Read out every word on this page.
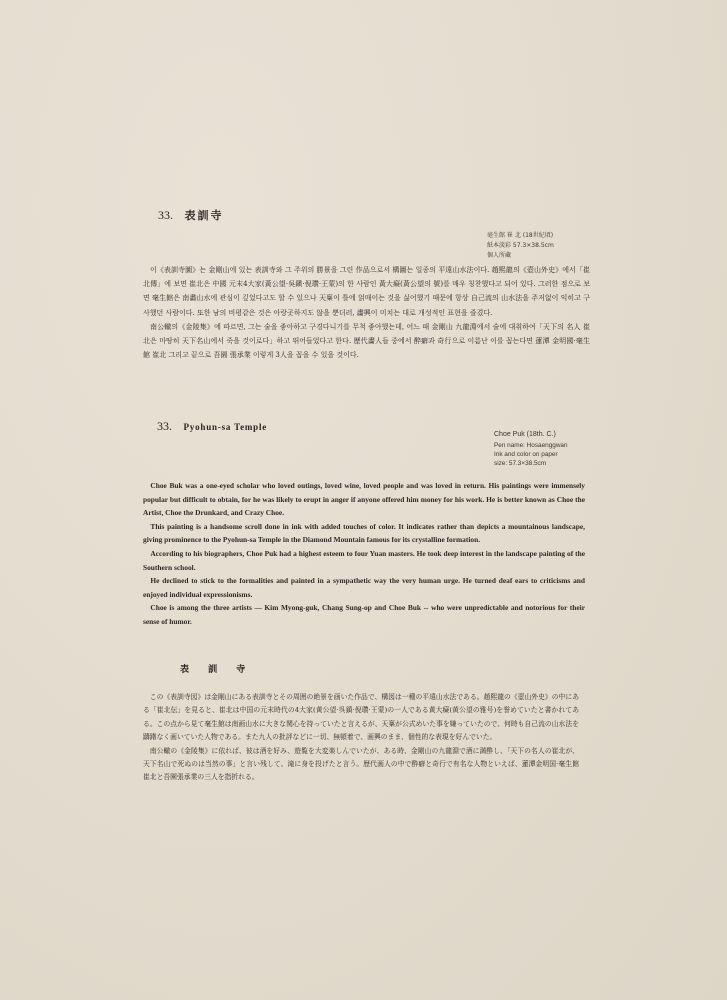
33. 表訓寺
毫生館 崔 北 (18世紀頃)
紙本淡彩 57.3×38.5cm
個人所藏

이《表訓寺圖》는 金剛山에 있는 表訓寺와 그 주위의 勝景을 그린 作品으로서 構圖는 일종의 平遠山水法이다. 趙熙龍의《壺山外史》에서「崔北傳」에 보면 崔北은 中國 元末4大家(黃公望·吳鎭·倪瓚·王蒙)의 한 사람인 黃大癡(黃公望의 號)를 매우 칭찬했다고 되어 있다. 그러한 점으로 보면 毫生館은 南畵山水에 관심이 깊었다고도 할 수 있으나 天稟이 틀에 얽매이는 것을 싫어했기 때문에 항상 自己流의 山水法을 주저없이 익히고 구사했던 사람이다. 또한 남의 비평같은 것은 아랑곳하지도 않을 뿐더러, 畵興이 미치는 대로 개성적인 표현을 즐겼다.

南公轍의《金陵集》에 따르면, 그는 술을 좋아하고 구경다니기를 무척 좋아했는데, 어느 때 金剛山 九龍淵에서 술에 대취하여「天下의 名人 崔北은 마땅히 天下名山에서 죽을 것이로다」하고 뛰어들었다고 한다. 歷代畵人들 중에서 醉癖과 奇行으로 이름난 이를 꼽는다면 蓮潭 金明國·毫生館 崔北 그리고 끝으로 吾園 張承業 이렇게 3人을 꼽을 수 있을 것이다.

33. Pyohun-sa Temple
Choe Puk (18th. C.)
Pen name: Hosaenggwan
Ink and color on paper
size: 57.3×38.5cm

Choe Buk was a one-eyed scholar who loved outings, loved wine, loved people and was loved in return. His paintings were immensely popular but difficult to obtain, for he was likely to erupt in anger if anyone offered him money for his work. He is better known as Choe the Artist, Choe the Drunkard, and Crazy Choe.

This painting is a handsome scroll done in ink with added touches of color. It indicates rather than depicts a mountainous landscape, giving prominence to the Pyohun-sa Temple in the Diamond Mountain famous for its crystalline formation.

According to his biographers, Choe Puk had a highest esteem to four Yuan masters. He took deep interest in the landscape painting of the Southern school.

He declined to stick to the formalities and painted in a sympathetic way the very human urge. He turned deaf ears to criticisms and enjoyed individual expressionisms.

Choe is among the three artists — Kim Myong-guk, Chang Sung-op and Choe Buk -- who were unpredictable and notorious for their sense of humor.

表 訓 寺

この《表訓寺図》は金剛山にある表訓寺とその周囲の絶景を画いた作品で、構図は一種の平遠山水法である。趙熙龍の《壺山外史》の中にある「崔北伝」を見ると、崔北は中国の元末時代の4大家(黄公望·呉鎮·倪瓚·王蒙)の一人である黄大癡(黄公望の雅号)を誉めていたと書かれてある。この点から見て毫生館は南画山水に大きな関心を持っていたと言えるが、天稟が公式めいた事を嫌っていたので、何時も自己流の山水法を躊躇なく画いていた人物である。また九人の批評などに一切、無頓着で、画興のまま、個性的な表現を好んでいた。

南公轍の《金陵集》に依れば、彼は酒を好み、遊覧を大変楽しんでいたが、ある時、金剛山の九龍淵で酒に満酔し、「天下の名人の崔北が、天下名山で死ぬのは当然の事」と言い残して、滝に身を投げたと言う。歴代画人の中で酔癖と奇行で有名な人物といえば、蓮潭金明国·毫生館崔北と吾園張承業の三人を指折れる。
